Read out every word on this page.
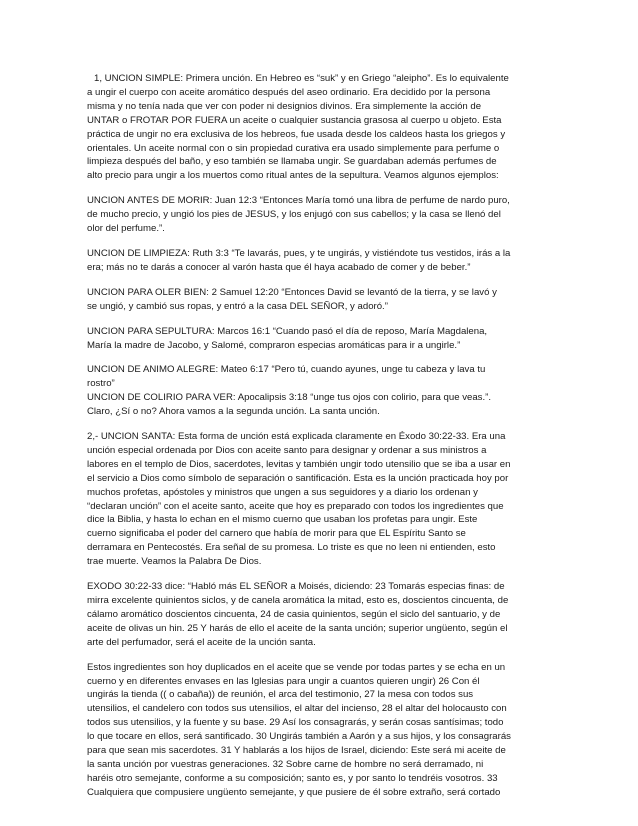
1, UNCION SIMPLE: Primera unción. En Hebreo es “suk” y en Griego “aleipho”. Es lo equivalente
a ungir el cuerpo con aceite aromático después del aseo ordinario. Era decidido por la persona
misma y no tenía nada que ver con poder ni designios divinos. Era simplemente la acción de
UNTAR o FROTAR POR FUERA un aceite o cualquier sustancia grasosa al cuerpo u objeto. Esta
práctica de ungir no era exclusiva de los hebreos, fue usada desde los caldeos hasta los griegos y
orientales. Un aceite normal con o sin propiedad curativa era usado simplemente para perfume o
limpieza después del baño, y eso también se llamaba ungir. Se guardaban además perfumes de
alto precio para ungir a los muertos como ritual antes de la sepultura. Veamos algunos ejemplos:

UNCION ANTES DE MORIR: Juan 12:3 “Entonces María tomó una libra de perfume de nardo puro,
de mucho precio, y ungió los pies de JESUS, y los enjugó con sus cabellos; y la casa se llenó del
olor del perfume.”.

UNCION DE LIMPIEZA: Ruth 3:3 “Te lavarás, pues, y te ungirás, y vistiéndote tus vestidos, irás a la
era; más no te darás a conocer al varón hasta que él haya acabado de comer y de beber.”

UNCION PARA OLER BIEN: 2 Samuel 12:20 “Entonces David se levantó de la tierra, y se lavó y
se ungió, y cambió sus ropas, y entró a la casa DEL SEÑOR, y adoró.”

UNCION PARA SEPULTURA: Marcos 16:1 “Cuando pasó el día de reposo, María Magdalena,
María la madre de Jacobo, y Salomé, compraron especias aromáticas para ir a ungirle.”

UNCION DE ANIMO ALEGRE: Mateo 6:17 “Pero tú, cuando ayunes, unge tu cabeza y lava tu
rostro”
UNCION DE COLIRIO PARA VER: Apocalipsis 3:18 “unge tus ojos con colirio, para que veas.”.
Claro, ¿Sí o no? Ahora vamos a la segunda unción. La santa unción.

2,- UNCION SANTA: Esta forma de unción está explicada claramente en Éxodo 30:22-33. Era una
unción especial ordenada por Dios con aceite santo para designar y ordenar a sus ministros a
labores en el templo de Dios, sacerdotes, levitas y también ungir todo utensilio que se iba a usar en
el servicio a Dios como símbolo de separación o santificación. Esta es la unción practicada hoy por
muchos profetas, apóstoles y ministros que ungen a sus seguidores y a diario los ordenan y
“declaran unción” con el aceite santo, aceite que hoy es preparado con todos los ingredientes que
dice la Biblia, y hasta lo echan en el mismo cuerno que usaban los profetas para ungir. Este
cuerno significaba el poder del carnero que había de morir para que EL Espíritu Santo se
derramara en Pentecostés. Era señal de su promesa. Lo triste es que no leen ni entienden, esto
trae muerte. Veamos la Palabra De Dios.

EXODO 30:22-33 dice: “Habló más EL SEÑOR a Moisés, diciendo: 23 Tomarás especias finas: de
mirra excelente quinientos siclos, y de canela aromática la mitad, esto es, doscientos cincuenta, de
cálamo aromático doscientos cincuenta, 24 de casia quinientos, según el siclo del santuario, y de
aceite de olivas un hin. 25 Y harás de ello el aceite de la santa unción; superior ungüento, según el
arte del perfumador, será el aceite de la unción santa.

Estos ingredientes son hoy duplicados en el aceite que se vende por todas partes y se echa en un
cuerno y en diferentes envases en las Iglesias para ungir a cuantos quieren ungir) 26 Con él
ungirás la tienda (( o cabaña)) de reunión, el arca del testimonio, 27 la mesa con todos sus
utensilios, el candelero con todos sus utensilios, el altar del incienso, 28 el altar del holocausto con
todos sus utensilios, y la fuente y su base. 29 Así los consagrarás, y serán cosas santísimas; todo
lo que tocare en ellos, será santificado. 30 Ungirás también a Aarón y a sus hijos, y los consagrarás
para que sean mis sacerdotes. 31 Y hablarás a los hijos de Israel, diciendo: Este será mi aceite de
la santa unción por vuestras generaciones. 32 Sobre carne de hombre no será derramado, ni
haréis otro semejante, conforme a su composición; santo es, y por santo lo tendréis vosotros. 33
Cualquiera que compusiere ungüento semejante, y que pusiere de él sobre extraño, será cortado
